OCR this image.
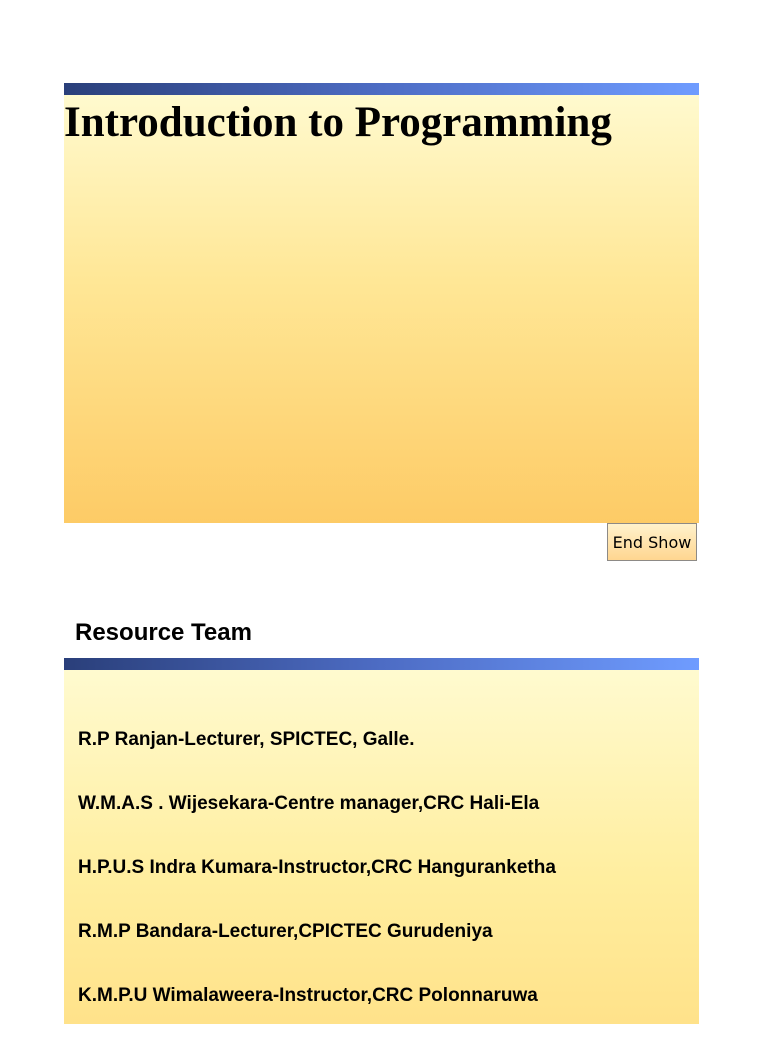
Introduction to Programming
End Show
Resource Team
R.P Ranjan-Lecturer, SPICTEC, Galle.
W.M.A.S . Wijesekara-Centre manager,CRC Hali-Ela
H.P.U.S Indra Kumara-Instructor,CRC Hanguranketha
R.M.P Bandara-Lecturer,CPICTEC Gurudeniya
K.M.P.U Wimalaweera-Instructor,CRC Polonnaruwa
